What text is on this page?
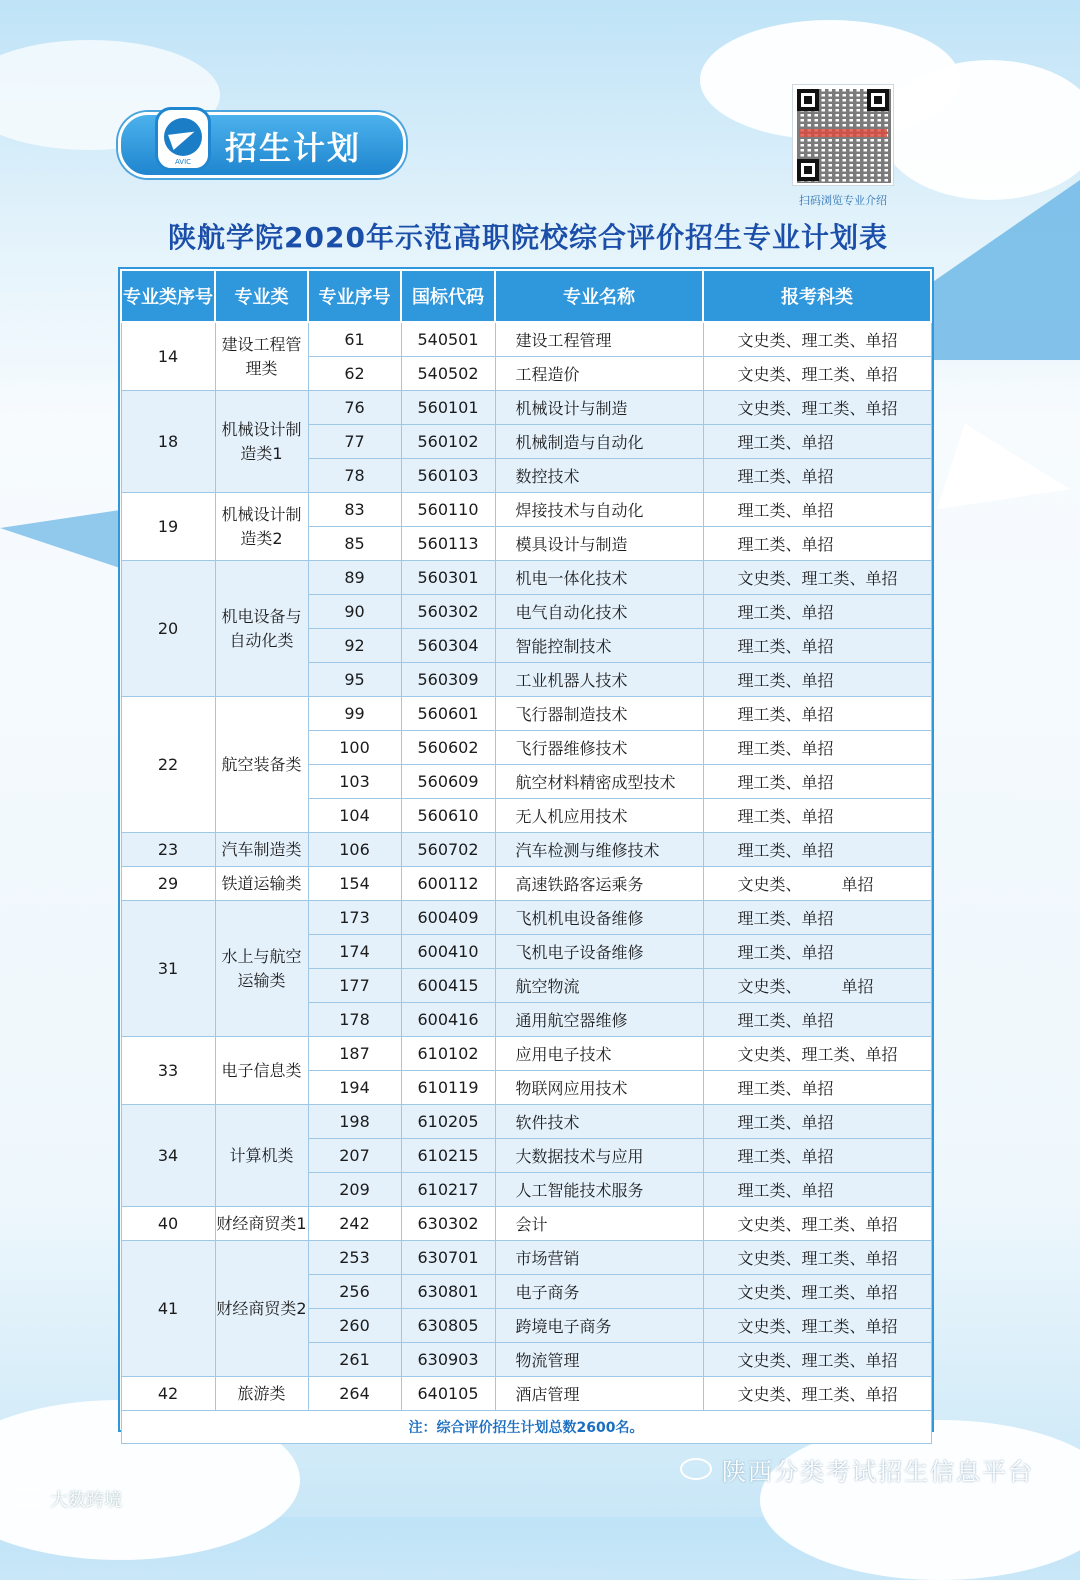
AVIC	招生计划
扫码浏览专业介绍
陕航学院2020年示范高职院校综合评价招生专业计划表
专业类序号	专业类	专业序号	国标代码	专业名称	报考科类
14	建设工程管理类	61	540501	建设工程管理	文史类、理工类、单招
		62	540502	工程造价	文史类、理工类、单招
18	机械设计制造类1	76	560101	机械设计与制造	文史类、理工类、单招
		77	560102	机械制造与自动化	理工类、单招
		78	560103	数控技术	理工类、单招
19	机械设计制造类2	83	560110	焊接技术与自动化	理工类、单招
		85	560113	模具设计与制造	理工类、单招
20	机电设备与自动化类	89	560301	机电一体化技术	文史类、理工类、单招
		90	560302	电气自动化技术	理工类、单招
		92	560304	智能控制技术	理工类、单招
		95	560309	工业机器人技术	理工类、单招
22	航空装备类	99	560601	飞行器制造技术	理工类、单招
		100	560602	飞行器维修技术	理工类、单招
		103	560609	航空材料精密成型技术	理工类、单招
		104	560610	无人机应用技术	理工类、单招
23	汽车制造类	106	560702	汽车检测与维修技术	理工类、单招
29	铁道运输类	154	600112	高速铁路客运乘务	文史类、　　　单招
31	水上与航空运输类	173	600409	飞机机电设备维修	理工类、单招
		174	600410	飞机电子设备维修	理工类、单招
		177	600415	航空物流	文史类、　　　单招
		178	600416	通用航空器维修	理工类、单招
33	电子信息类	187	610102	应用电子技术	文史类、理工类、单招
		194	610119	物联网应用技术	理工类、单招
34	计算机类	198	610205	软件技术	理工类、单招
		207	610215	大数据技术与应用	理工类、单招
		209	610217	人工智能技术服务	理工类、单招
40	财经商贸类1	242	630302	会计	文史类、理工类、单招
41	财经商贸类2	253	630701	市场营销	文史类、理工类、单招
		256	630801	电子商务	文史类、理工类、单招
		260	630805	跨境电子商务	文史类、理工类、单招
		261	630903	物流管理	文史类、理工类、单招
42	旅游类	264	640105	酒店管理	文史类、理工类、单招
注：综合评价招生计划总数2600名。					
陕西分类考试招生信息平台
大数跨境
